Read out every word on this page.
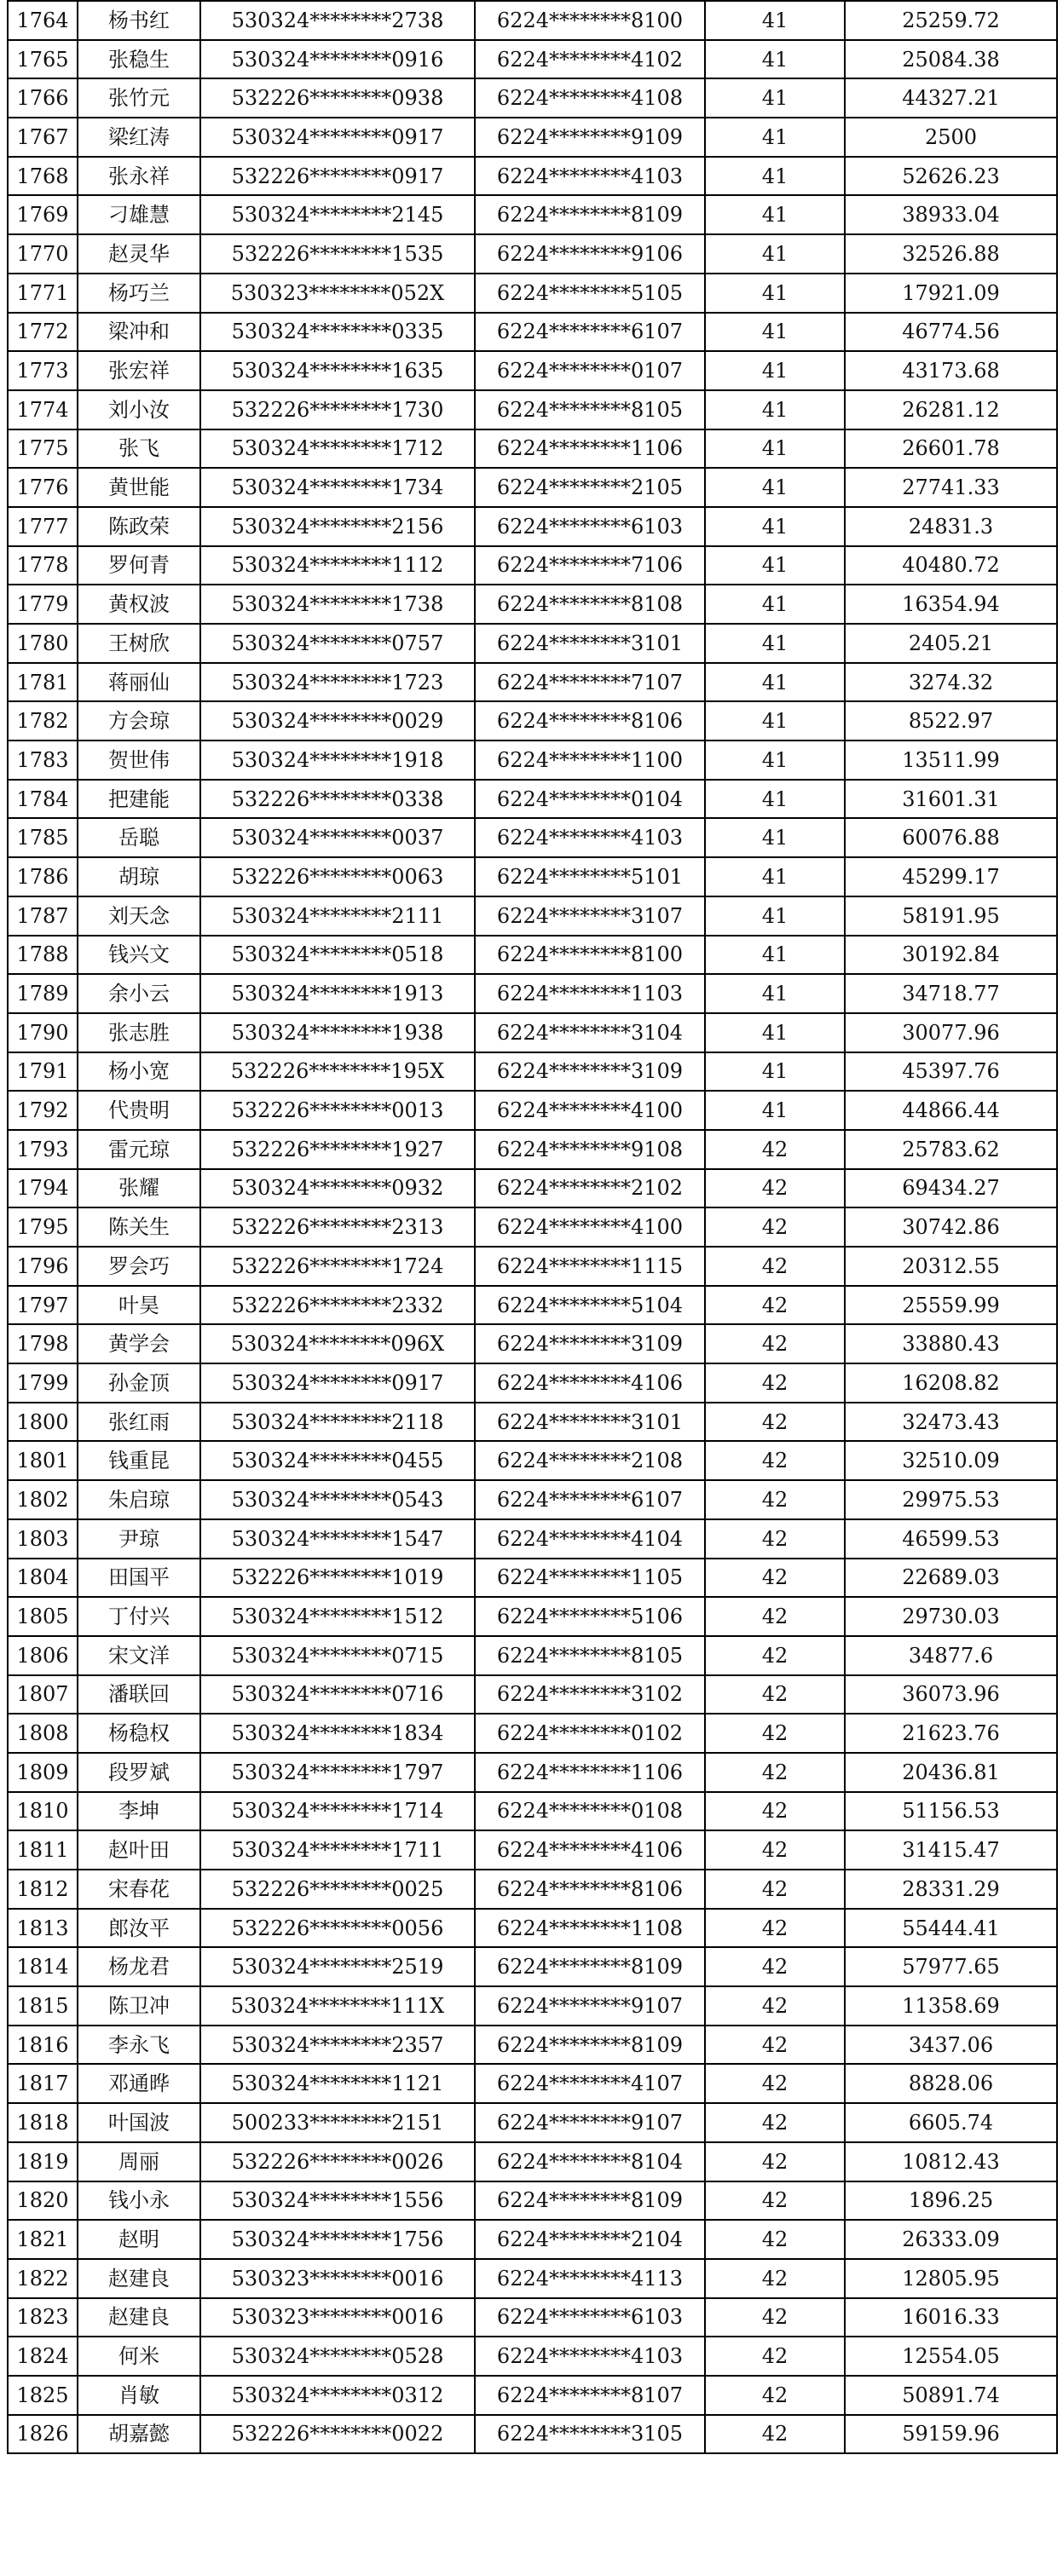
1764	杨书红	530324********2738	6224********8100	41	25259.72
1765	张稳生	530324********0916	6224********4102	41	25084.38
1766	张竹元	532226********0938	6224********4108	41	44327.21
1767	梁红涛	530324********0917	6224********9109	41	2500
1768	张永祥	532226********0917	6224********4103	41	52626.23
1769	刁雄慧	530324********2145	6224********8109	41	38933.04
1770	赵灵华	532226********1535	6224********9106	41	32526.88
1771	杨巧兰	530323********052X	6224********5105	41	17921.09
1772	梁冲和	530324********0335	6224********6107	41	46774.56
1773	张宏祥	530324********1635	6224********0107	41	43173.68
1774	刘小汝	532226********1730	6224********8105	41	26281.12
1775	张飞	530324********1712	6224********1106	41	26601.78
1776	黄世能	530324********1734	6224********2105	41	27741.33
1777	陈政荣	530324********2156	6224********6103	41	24831.3
1778	罗何青	530324********1112	6224********7106	41	40480.72
1779	黄权波	530324********1738	6224********8108	41	16354.94
1780	王树欣	530324********0757	6224********3101	41	2405.21
1781	蒋丽仙	530324********1723	6224********7107	41	3274.32
1782	方会琼	530324********0029	6224********8106	41	8522.97
1783	贺世伟	530324********1918	6224********1100	41	13511.99
1784	把建能	532226********0338	6224********0104	41	31601.31
1785	岳聪	530324********0037	6224********4103	41	60076.88
1786	胡琼	532226********0063	6224********5101	41	45299.17
1787	刘天念	530324********2111	6224********3107	41	58191.95
1788	钱兴文	530324********0518	6224********8100	41	30192.84
1789	余小云	530324********1913	6224********1103	41	34718.77
1790	张志胜	530324********1938	6224********3104	41	30077.96
1791	杨小宽	532226********195X	6224********3109	41	45397.76
1792	代贵明	532226********0013	6224********4100	41	44866.44
1793	雷元琼	532226********1927	6224********9108	42	25783.62
1794	张耀	530324********0932	6224********2102	42	69434.27
1795	陈关生	532226********2313	6224********4100	42	30742.86
1796	罗会巧	532226********1724	6224********1115	42	20312.55
1797	叶昊	532226********2332	6224********5104	42	25559.99
1798	黄学会	530324********096X	6224********3109	42	33880.43
1799	孙金顶	530324********0917	6224********4106	42	16208.82
1800	张红雨	530324********2118	6224********3101	42	32473.43
1801	钱重昆	530324********0455	6224********2108	42	32510.09
1802	朱启琼	530324********0543	6224********6107	42	29975.53
1803	尹琼	530324********1547	6224********4104	42	46599.53
1804	田国平	532226********1019	6224********1105	42	22689.03
1805	丁付兴	530324********1512	6224********5106	42	29730.03
1806	宋文洋	530324********0715	6224********8105	42	34877.6
1807	潘联回	530324********0716	6224********3102	42	36073.96
1808	杨稳权	530324********1834	6224********0102	42	21623.76
1809	段罗斌	530324********1797	6224********1106	42	20436.81
1810	李坤	530324********1714	6224********0108	42	51156.53
1811	赵叶田	530324********1711	6224********4106	42	31415.47
1812	宋春花	532226********0025	6224********8106	42	28331.29
1813	郎汝平	532226********0056	6224********1108	42	55444.41
1814	杨龙君	530324********2519	6224********8109	42	57977.65
1815	陈卫冲	530324********111X	6224********9107	42	11358.69
1816	李永飞	530324********2357	6224********8109	42	3437.06
1817	邓通晔	530324********1121	6224********4107	42	8828.06
1818	叶国波	500233********2151	6224********9107	42	6605.74
1819	周丽	532226********0026	6224********8104	42	10812.43
1820	钱小永	530324********1556	6224********8109	42	1896.25
1821	赵明	530324********1756	6224********2104	42	26333.09
1822	赵建良	530323********0016	6224********4113	42	12805.95
1823	赵建良	530323********0016	6224********6103	42	16016.33
1824	何米	530324********0528	6224********4103	42	12554.05
1825	肖敏	530324********0312	6224********8107	42	50891.74
1826	胡嘉懿	532226********0022	6224********3105	42	59159.96
